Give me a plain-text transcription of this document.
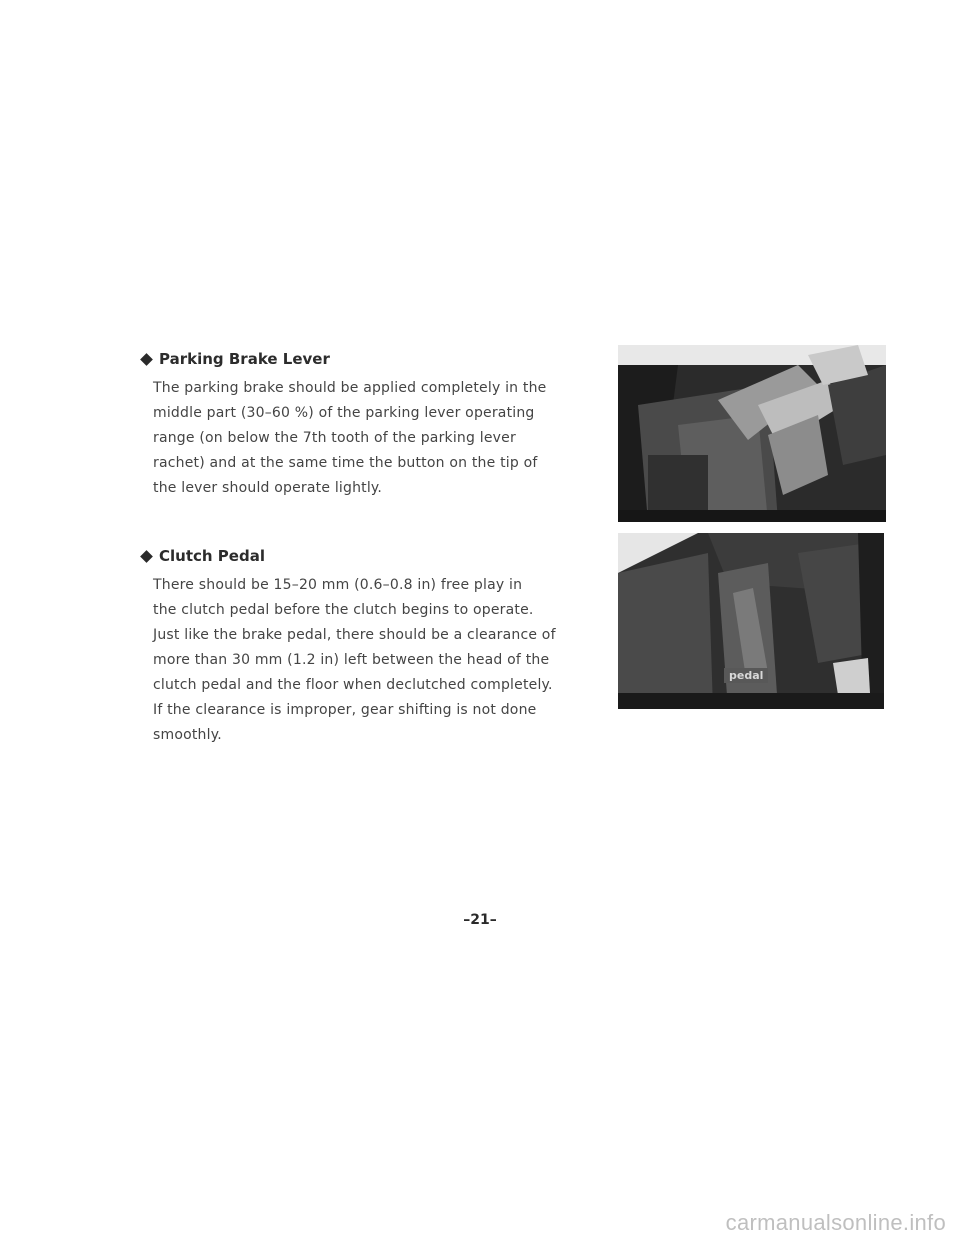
Parking Brake Lever

The parking brake should be applied completely in the
middle part (30–60 %) of the parking lever operating
range (on below the 7th tooth of the parking lever
rachet) and at the same time the button on the tip of
the lever should operate lightly.

Clutch Pedal

There should be 15–20 mm (0.6–0.8 in) free play in
the clutch pedal before the clutch begins to operate.
Just like the brake pedal, there should be a clearance of
more than 30 mm (1.2 in) left between the head of the
clutch pedal and the floor when declutched completely.
If the clearance is improper, gear shifting is not done
smoothly.

pedal
–21–
carmanualsonline.info
